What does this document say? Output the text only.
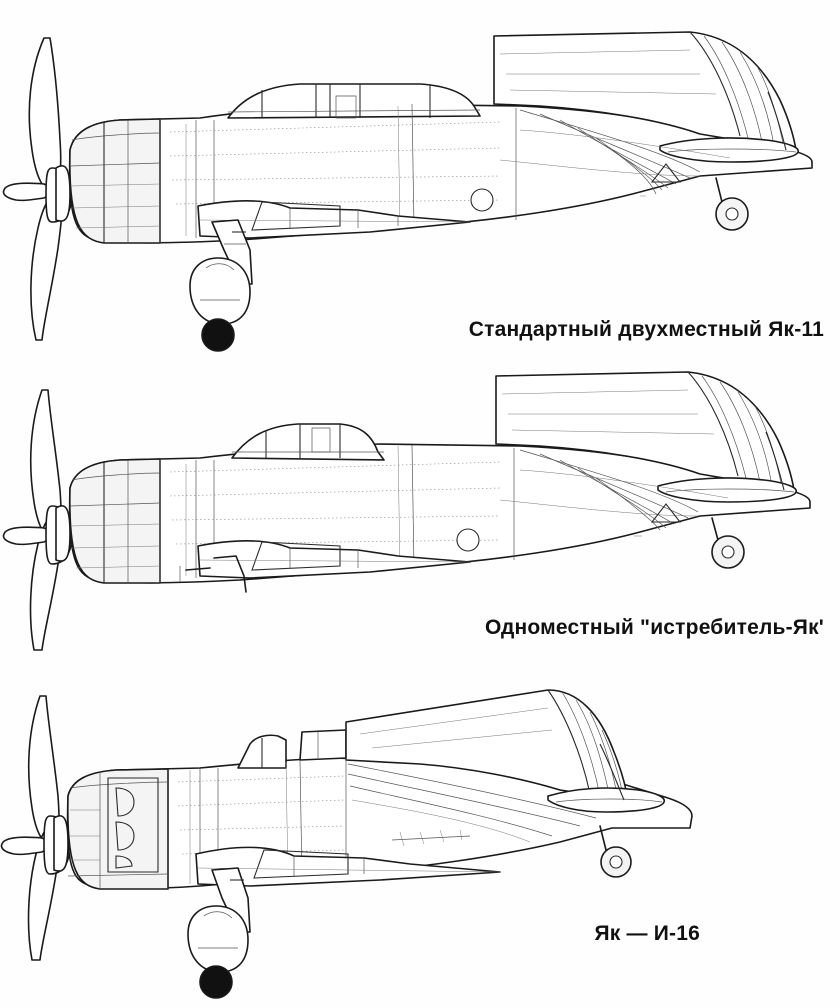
Стандартный двухместный Як-11
Одноместный "истребитель-Як'
Як — И-16
